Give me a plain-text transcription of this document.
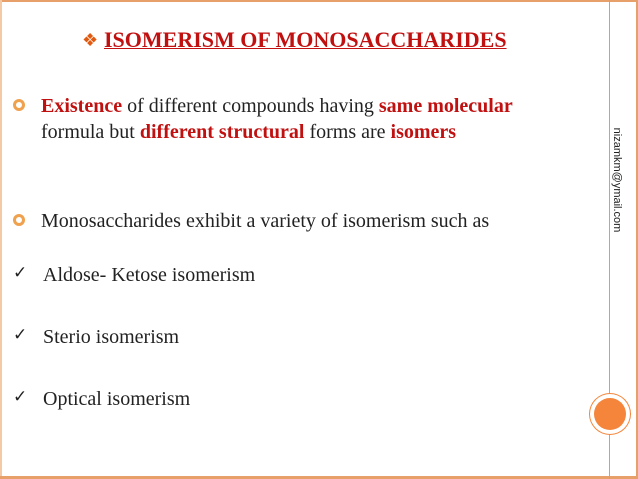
❖ ISOMERISM OF MONOSACCHARIDES
Existence of different compounds having same molecular formula but different structural forms are isomers
Monosaccharides exhibit a variety of isomerism such as
✓ Aldose- Ketose isomerism
✓ Sterio isomerism
✓ Optical isomerism
nizamkm@ymail.com
